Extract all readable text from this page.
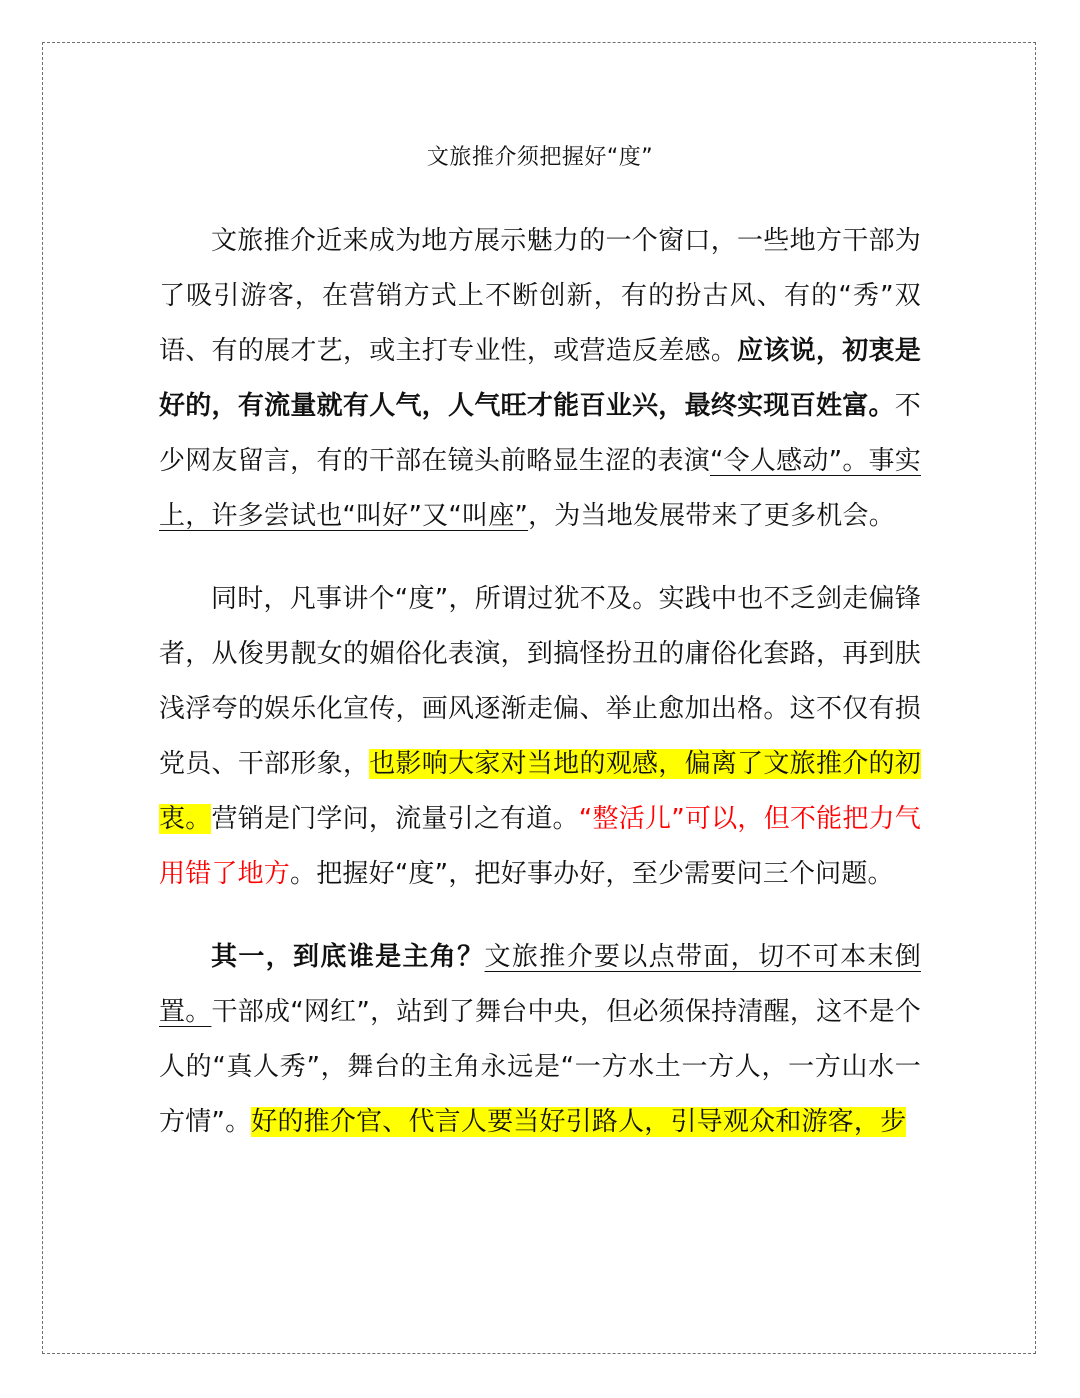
文旅推介须把握好“度”

文旅推介近来成为地方展示魅力的一个窗口，一些地方干部为了吸引游客，在营销方式上不断创新，有的扮古风、有的“秀”双语、有的展才艺，或主打专业性，或营造反差感。应该说，初衷是好的，有流量就有人气，人气旺才能百业兴，最终实现百姓富。不少网友留言，有的干部在镜头前略显生涩的表演“令人感动”。事实上，许多尝试也“叫好”又“叫座”，为当地发展带来了更多机会。

同时，凡事讲个“度”，所谓过犹不及。实践中也不乏剑走偏锋者，从俊男靓女的媚俗化表演，到搞怪扮丑的庸俗化套路，再到肤浅浮夸的娱乐化宣传，画风逐渐走偏、举止愈加出格。这不仅有损党员、干部形象，也影响大家对当地的观感，偏离了文旅推介的初衷。营销是门学问，流量引之有道。“整活儿”可以，但不能把力气用错了地方。把握好“度”，把好事办好，至少需要问三个问题。

其一，到底谁是主角？文旅推介要以点带面，切不可本末倒置。干部成“网红”，站到了舞台中央，但必须保持清醒，这不是个人的“真人秀”，舞台的主角永远是“一方水土一方人，一方山水一方情”。好的推介官、代言人要当好引路人，引导观众和游客，步
